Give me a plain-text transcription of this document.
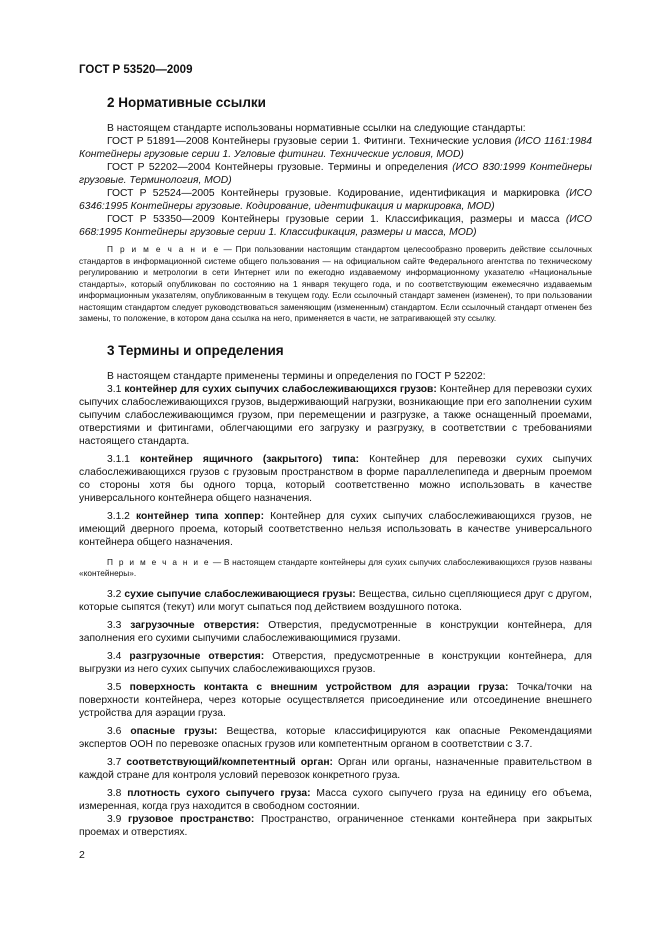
ГОСТ Р 53520—2009
2 Нормативные ссылки

В настоящем стандарте использованы нормативные ссылки на следующие стандарты:

ГОСТ Р 51891—2008 Контейнеры грузовые серии 1. Фитинги. Технические условия (ИСО 1161:1984 Контейнеры грузовые серии 1. Угловые фитинги. Технические условия, MOD)

ГОСТ Р 52202—2004 Контейнеры грузовые. Термины и определения (ИСО 830:1999 Контейнеры грузовые. Терминология, MOD)

ГОСТ Р 52524—2005 Контейнеры грузовые. Кодирование, идентификация и маркировка (ИСО 6346:1995 Контейнеры грузовые. Кодирование, идентификация и маркировка, MOD)

ГОСТ Р 53350—2009 Контейнеры грузовые серии 1. Классификация, размеры и масса (ИСО 668:1995 Контейнеры грузовые серии 1. Классификация, размеры и масса, MOD)

П р и м е ч а н и е — При пользовании настоящим стандартом целесообразно проверить действие ссылочных стандартов в информационной системе общего пользования — на официальном сайте Федерального агентства по техническому регулированию и метрологии в сети Интернет или по ежегодно издаваемому информационному указателю «Национальные стандарты», который опубликован по состоянию на 1 января текущего года, и по соответствующим ежемесячно издаваемым информационным указателям, опубликованным в текущем году. Если ссылочный стандарт заменен (изменен), то при пользовании настоящим стандартом следует руководствоваться заменяющим (измененным) стандартом. Если ссылочный стандарт отменен без замены, то положение, в котором дана ссылка на него, применяется в части, не затрагивающей эту ссылку.

3 Термины и определения

В настоящем стандарте применены термины и определения по ГОСТ Р 52202:

3.1 контейнер для сухих сыпучих слабослеживающихся грузов: Контейнер для перевозки сухих сыпучих слабослеживающихся грузов, выдерживающий нагрузки, возникающие при его заполнении сухим сыпучим слабослеживающимся грузом, при перемещении и разгрузке, а также оснащенный проемами, отверстиями и фитингами, облегчающими его загрузку и разгрузку, в соответствии с требованиями настоящего стандарта.

3.1.1 контейнер ящичного (закрытого) типа: Контейнер для перевозки сухих сыпучих слабослеживающихся грузов с грузовым пространством в форме параллелепипеда и дверным проемом со стороны хотя бы одного торца, который соответственно можно использовать в качестве универсального контейнера общего назначения.

3.1.2 контейнер типа хоппер: Контейнер для сухих сыпучих слабослеживающихся грузов, не имеющий дверного проема, который соответственно нельзя использовать в качестве универсального контейнера общего назначения.

П р и м е ч а н и е — В настоящем стандарте контейнеры для сухих сыпучих слабослеживающихся грузов названы «контейнеры».

3.2 сухие сыпучие слабослеживающиеся грузы: Вещества, сильно сцепляющиеся друг с другом, которые сыпятся (текут) или могут сыпаться под действием воздушного потока.

3.3 загрузочные отверстия: Отверстия, предусмотренные в конструкции контейнера, для заполнения его сухими сыпучими слабослеживающимися грузами.

3.4 разгрузочные отверстия: Отверстия, предусмотренные в конструкции контейнера, для выгрузки из него сухих сыпучих слабослеживающихся грузов.

3.5 поверхность контакта с внешним устройством для аэрации груза: Точка/точки на поверхности контейнера, через которые осуществляется присоединение или отсоединение внешнего устройства для аэрации груза.

3.6 опасные грузы: Вещества, которые классифицируются как опасные Рекомендациями экспертов ООН по перевозке опасных грузов или компетентным органом в соответствии с 3.7.

3.7 соответствующий/компетентный орган: Орган или органы, назначенные правительством в каждой стране для контроля условий перевозок конкретного груза.

3.8 плотность сухого сыпучего груза: Масса сухого сыпучего груза на единицу его объема, измеренная, когда груз находится в свободном состоянии.

3.9 грузовое пространство: Пространство, ограниченное стенками контейнера при закрытых проемах и отверстиях.

2
